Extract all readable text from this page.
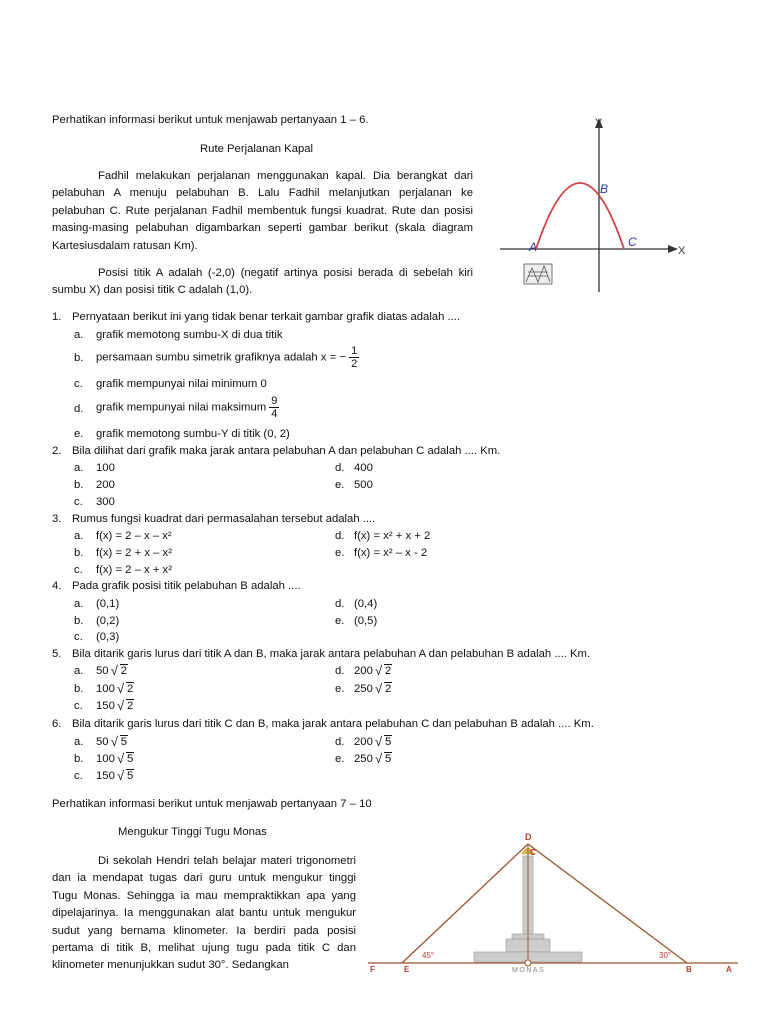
Perhatikan informasi berikut untuk menjawab pertanyaan 1 – 6.
Rute Perjalanan Kapal
Fadhil melakukan perjalanan menggunakan kapal. Dia berangkat dari pelabuhan A menuju pelabuhan B. Lalu Fadhil melanjutkan perjalanan ke pelabuhan C. Rute perjalanan Fadhil membentuk fungsi kuadrat. Rute dan posisi masing-masing pelabuhan digambarkan seperti gambar berikut (skala diagram Kartesiusdalam ratusan Km).
Posisi titik A adalah (-2,0) (negatif artinya posisi berada di sebelah kiri sumbu X) dan posisi titik C adalah (1,0).
Y
X
A
B
C
1. Pernyataan berikut ini yang tidak benar terkait gambar grafik diatas adalah ....
a. grafik memotong sumbu-X di dua titik
b. persamaan sumbu simetrik grafiknya adalah x = − $\frac{1}{2}$
c. grafik mempunyai nilai minimum 0
d. grafik mempunyai nilai maksimum $\frac{9}{4}$
e. grafik memotong sumbu-Y di titik (0, 2)
2. Bila dilihat dari grafik maka jarak antara pelabuhan A dan pelabuhan C adalah .... Km.
a. 100
b. 200
c. 300
d. 400
e. 500
3. Rumus fungsi kuadrat dari permasalahan tersebut adalah ....
a. f(x) = 2 – x – x²
b. f(x) = 2 + x – x²
c. f(x) = 2 – x + x²
d. f(x) = x² + x + 2
e. f(x) = x² – x - 2
4. Pada grafik posisi titik pelabuhan B adalah ....
a. (0,1)
b. (0,2)
c. (0,3)
d. (0,4)
e. (0,5)
5. Bila ditarik garis lurus dari titik A dan B, maka jarak antara pelabuhan A dan pelabuhan B adalah .... Km.
a. 50 √ 2
b. 100 √ 2
c. 150 √ 2
d. 200 √ 2
e. 250 √ 2
6. Bila ditarik garis lurus dari titik C dan B, maka jarak antara pelabuhan C dan pelabuhan B adalah .... Km.
a. 50 √ 5
b. 100 √ 5
c. 150 √ 5
d. 200 √ 5
e. 250 √ 5
Perhatikan informasi berikut untuk menjawab pertanyaan 7 – 10
Mengukur Tinggi Tugu Monas
Di sekolah Hendri telah belajar materi trigonometri dan ia mendapat tugas dari guru untuk mengukur tinggi Tugu Monas. Sehingga ia mau mempraktikkan apa yang dipelajarinya. Ia menggunakan alat bantu untuk mengukur sudut yang bernama klinometer. Ia berdiri pada posisi pertama di titik B, melihat ujung tugu pada titik C dan klinometer menunjukkan sudut 30°. Sedangkan
D
C
F	E	B	A
45°	30°
MONAS
